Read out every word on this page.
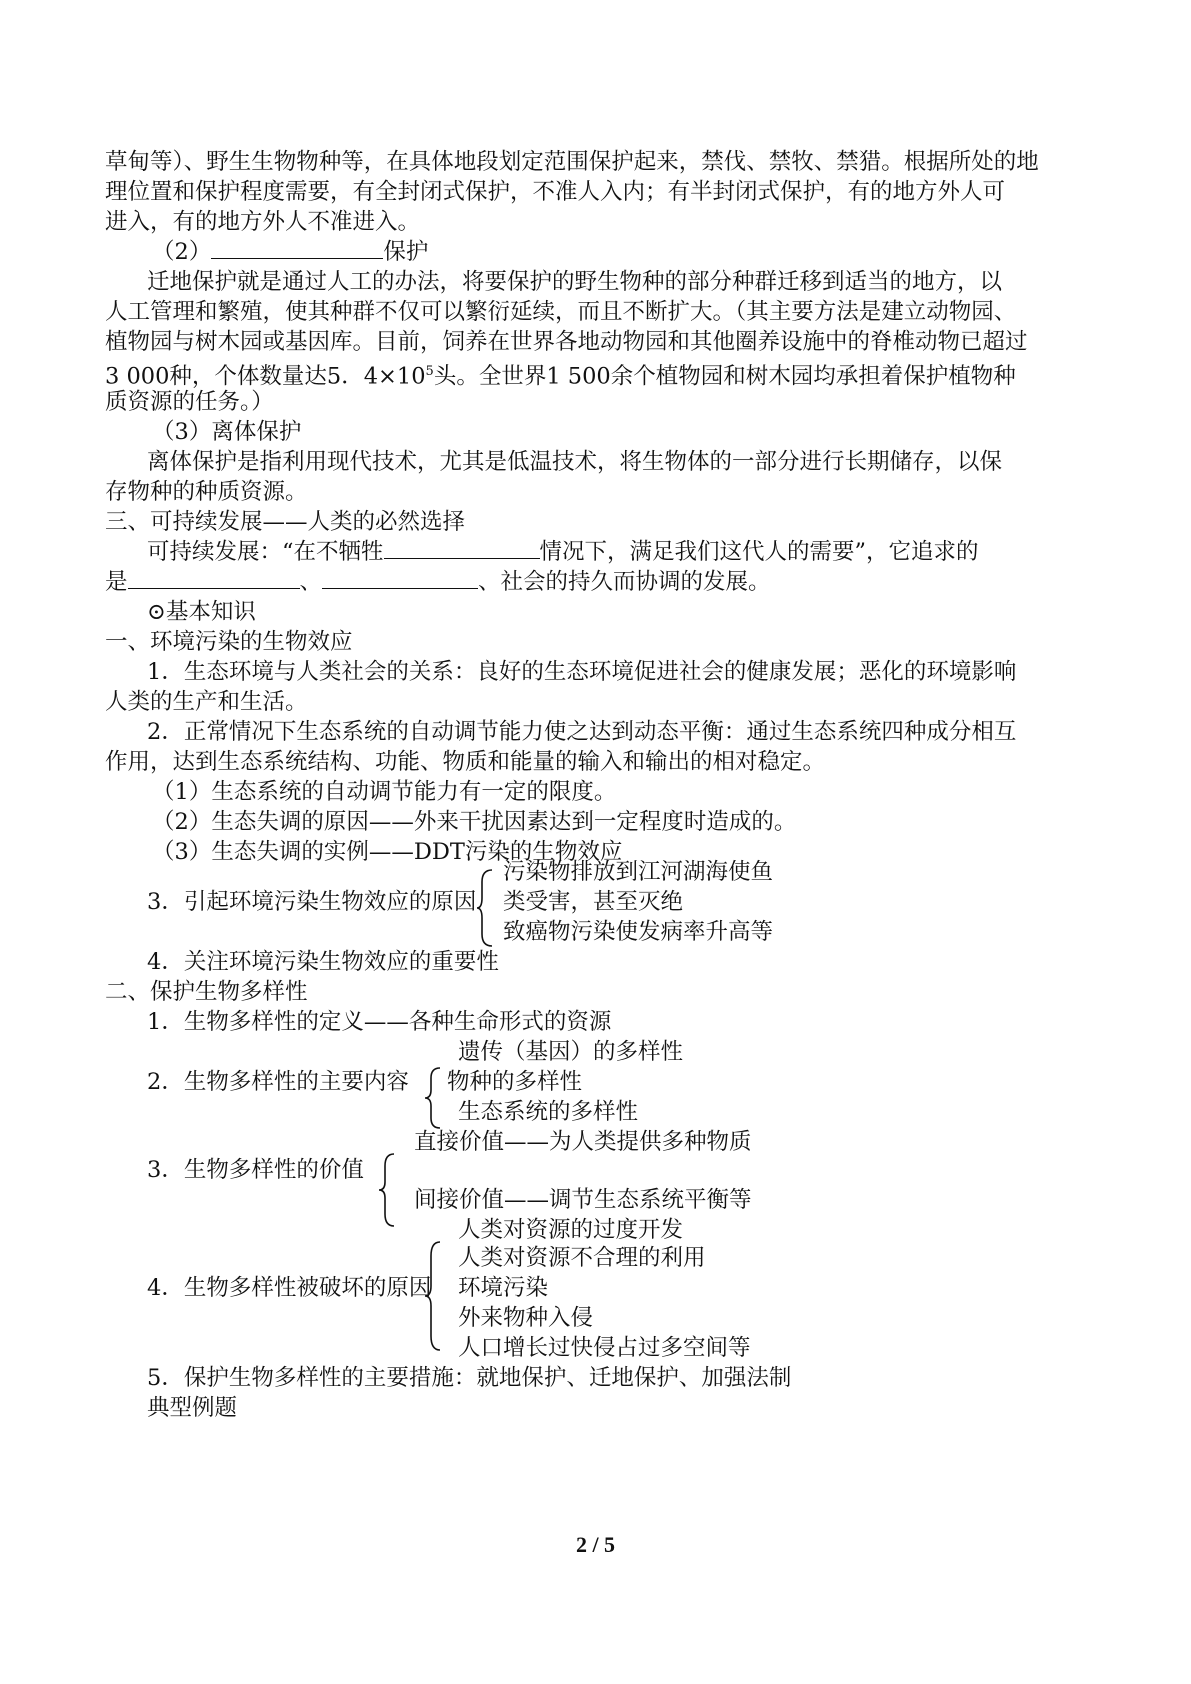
草甸等）、野生生物物种等，在具体地段划定范围保护起来，禁伐、禁牧、禁猎。根据所处的地
理位置和保护程度需要，有全封闭式保护，不准人入内；有半封闭式保护，有的地方外人可
进入，有的地方外人不准进入。
（2）	保护
迁地保护就是通过人工的办法，将要保护的野生物种的部分种群迁移到适当的地方，以
人工管理和繁殖，使其种群不仅可以繁衍延续，而且不断扩大。（其主要方法是建立动物园、
植物园与树木园或基因库。目前，饲养在世界各地动物园和其他圈养设施中的脊椎动物已超过
3 000种，个体数量达5．$4\times 10^5$头。全世界1 500余个植物园和树木园均承担着保护植物种
质资源的任务。）
（3）离体保护
离体保护是指利用现代技术，尤其是低温技术，将生物体的一部分进行长期储存，以保
存物种的种质资源。
三、可持续发展——人类的必然选择
可持续发展：“在不牺牲	情况下，满足我们这代人的需要”，它追求的
是	、	、社会的持久而协调的发展。
⊙基本知识
一、环境污染的生物效应
1．生态环境与人类社会的关系：良好的生态环境促进社会的健康发展；恶化的环境影响
人类的生产和生活。
2．正常情况下生态系统的自动调节能力使之达到动态平衡：通过生态系统四种成分相互
作用，达到生态系统结构、功能、物质和能量的输入和输出的相对稳定。
（1）生态系统的自动调节能力有一定的限度。
（2）生态失调的原因——外来干扰因素达到一定程度时造成的。
（3）生态失调的实例——DDT污染的生物效应
3．引起环境污染生物效应的原因
污染物排放到江河湖海使鱼
类受害，甚至灭绝
致癌物污染使发病率升高等
4．关注环境污染生物效应的重要性
二、保护生物多样性
1．生物多样性的定义——各种生命形式的资源
2．生物多样性的主要内容
遗传（基因）的多样性
物种的多样性
生态系统的多样性
3．生物多样性的价值
直接价值——为人类提供多种物质
间接价值——调节生态系统平衡等
4．生物多样性被破坏的原因
人类对资源的过度开发
人类对资源不合理的利用
环境污染
外来物种入侵
人口增长过快侵占过多空间等
5．保护生物多样性的主要措施：就地保护、迁地保护、加强法制
典型例题
2 / 5
